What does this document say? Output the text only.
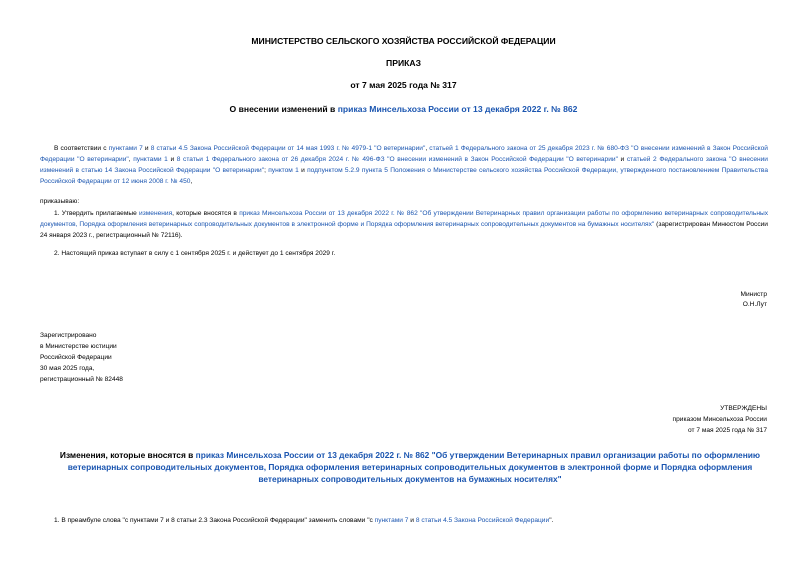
МИНИСТЕРСТВО СЕЛЬСКОГО ХОЗЯЙСТВА РОССИЙСКОЙ ФЕДЕРАЦИИ
ПРИКАЗ
от 7 мая 2025 года № 317
О внесении изменений в приказ Минсельхоза России от 13 декабря 2022 г. № 862
В соответствии с пунктами 7 и 8 статьи 4.5 Закона Российской Федерации от 14 мая 1993 г. № 4979-1 "О ветеринарии", статьей 1 Федерального закона от 25 декабря 2023 г. № 680-ФЗ "О внесении изменений в Закон Российской Федерации "О ветеринарии", пунктами 1 и 8 статьи 1 Федерального закона от 26 декабря 2024 г. № 496-ФЗ "О внесении изменений в Закон Российской Федерации "О ветеринарии" и статьей 2 Федерального закона "О внесении изменений в статью 14 Закона Российской Федерации "О ветеринарии"; пунктом 1 и подпунктом 5.2.9 пункта 5 Положения о Министерстве сельского хозяйства Российской Федерации, утвержденного постановлением Правительства Российской Федерации от 12 июня 2008 г. № 450,
приказываю:
1. Утвердить прилагаемые изменения, которые вносятся в приказ Минсельхоза России от 13 декабря 2022 г. № 862 "Об утверждении Ветеринарных правил организации работы по оформлению ветеринарных сопроводительных документов, Порядка оформления ветеринарных сопроводительных документов в электронной форме и Порядка оформления ветеринарных сопроводительных документов на бумажных носителях" (зарегистрирован Минюстом России 24 января 2023 г., регистрационный № 72116).
2. Настоящий приказ вступает в силу с 1 сентября 2025 г. и действует до 1 сентября 2029 г.
Министр
О.Н.Лут
Зарегистрировано
в Министерстве юстиции
Российской Федерации
30 мая 2025 года,
регистрационный № 82448
УТВЕРЖДЕНЫ
приказом Минсельхоза России
от 7 мая 2025 года № 317
Изменения, которые вносятся в приказ Минсельхоза России от 13 декабря 2022 г. № 862 "Об утверждении Ветеринарных правил организации работы по оформлению ветеринарных сопроводительных документов, Порядка оформления ветеринарных сопроводительных документов в электронной форме и Порядка оформления ветеринарных сопроводительных документов на бумажных носителях"
1. В преамбуле слова "с пунктами 7 и 8 статьи 2.3 Закона Российской Федерации" заменить словами "с пунктами 7 и 8 статьи 4.5 Закона Российской Федерации".
